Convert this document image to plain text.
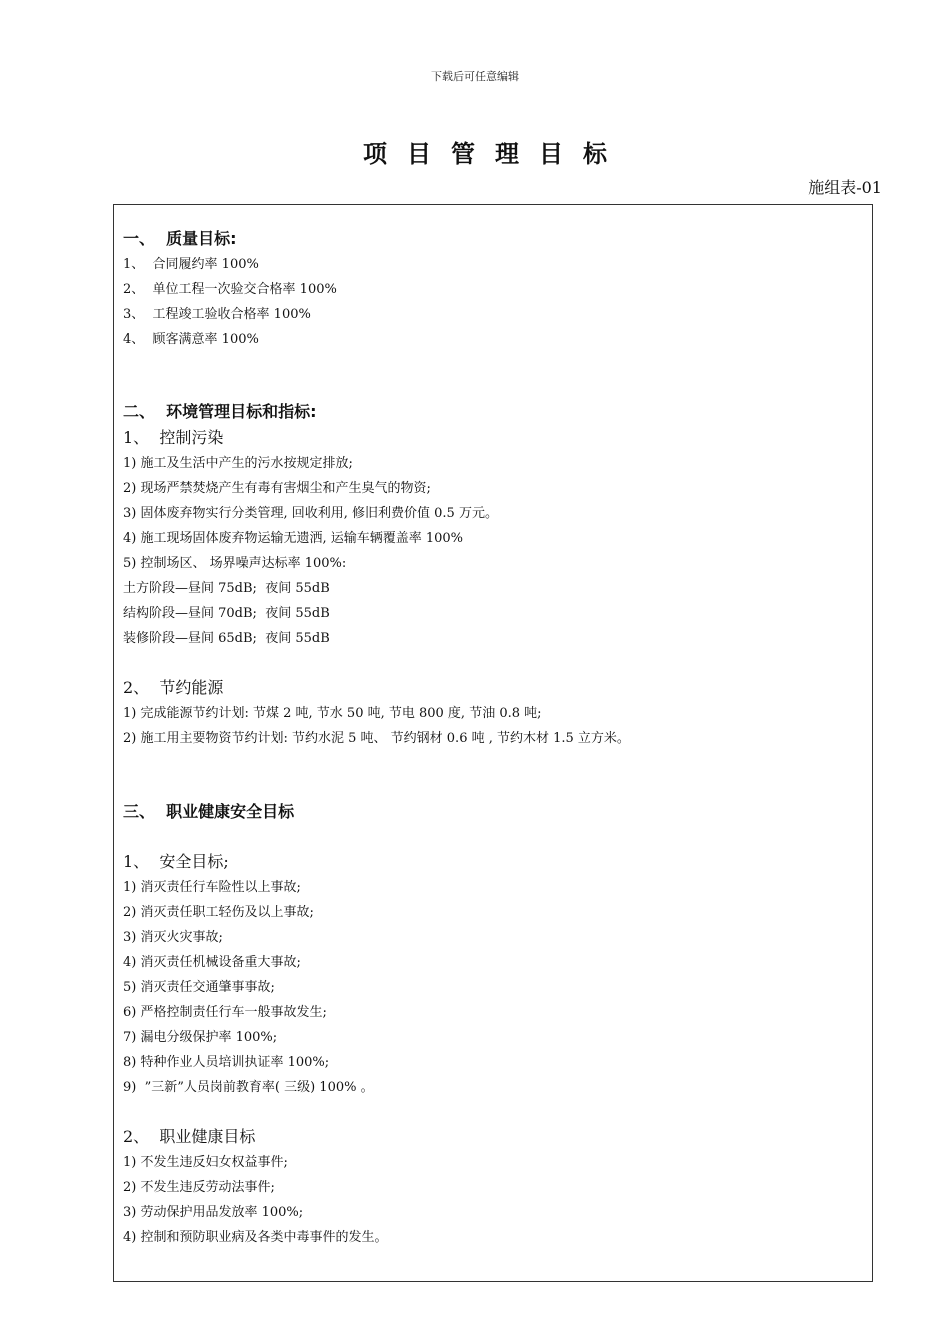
下载后可任意编辑
项目管理目标
施组表-01
一、  质量目标:
1、  合同履约率 100%
2、  单位工程一次验交合格率 100%
3、  工程竣工验收合格率 100%
4、  顾客满意率 100%
二、  环境管理目标和指标:
1、  控制污染
1) 施工及生活中产生的污水按规定排放;
2) 现场严禁焚烧产生有毒有害烟尘和产生臭气的物资;
3) 固体废弃物实行分类管理, 回收利用, 修旧利费价值 0.5 万元。
4) 施工现场固体废弃物运输无遗洒, 运输车辆覆盖率 100%
5) 控制场区、 场界噪声达标率 100%:
土方阶段—昼间 75dB;  夜间 55dB
结构阶段—昼间 70dB;  夜间 55dB
装修阶段—昼间 65dB;  夜间 55dB
2、  节约能源
1) 完成能源节约计划: 节煤 2 吨, 节水 50 吨, 节电 800 度, 节油 0.8 吨;
2) 施工用主要物资节约计划: 节约水泥 5 吨、 节约钢材 0.6 吨 , 节约木材 1.5 立方米。
三、  职业健康安全目标
1、  安全目标;
1) 消灭责任行车险性以上事故;
2) 消灭责任职工轻伤及以上事故;
3) 消灭火灾事故;
4) 消灭责任机械设备重大事故;
5) 消灭责任交通肇事事故;
6) 严格控制责任行车一般事故发生;
7) 漏电分级保护率 100%;
8) 特种作业人员培训执证率 100%;
9)  ”三新”人员岗前教育率( 三级) 100% 。
2、  职业健康目标
1) 不发生违反妇女权益事件;
2) 不发生违反劳动法事件;
3) 劳动保护用品发放率 100%;
4) 控制和预防职业病及各类中毒事件的发生。
